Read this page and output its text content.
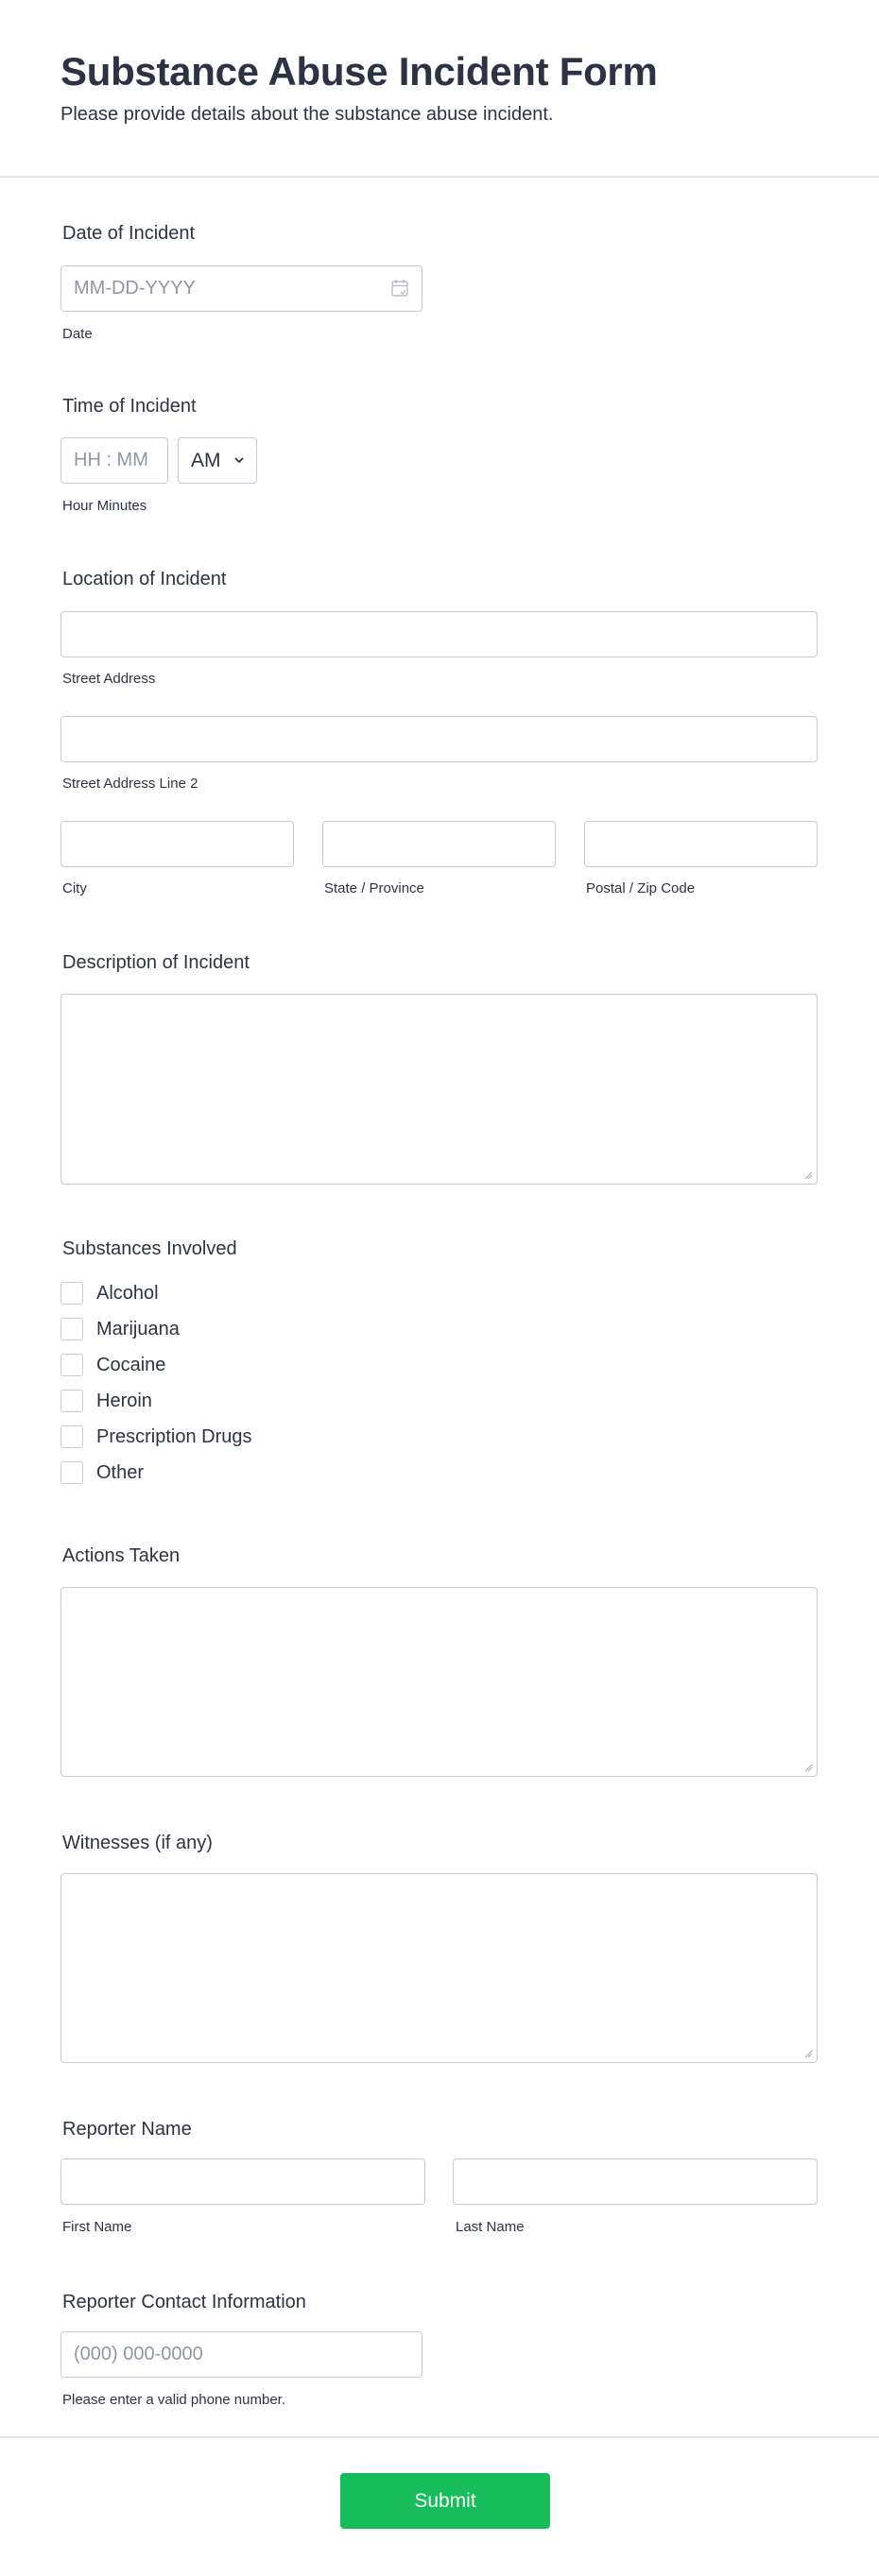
Substance Abuse Incident Form
Please provide details about the substance abuse incident.
Date of Incident
MM-DD-YYYY
Date
Time of Incident
HH : MM
AM
Hour Minutes
Location of Incident
Street Address
Street Address Line 2
City	State / Province	Postal / Zip Code
Description of Incident
Substances Involved
Alcohol
Marijuana
Cocaine
Heroin
Prescription Drugs
Other
Actions Taken
Witnesses (if any)
Reporter Name
First Name	Last Name
Reporter Contact Information
(000) 000-0000
Please enter a valid phone number.
Submit
